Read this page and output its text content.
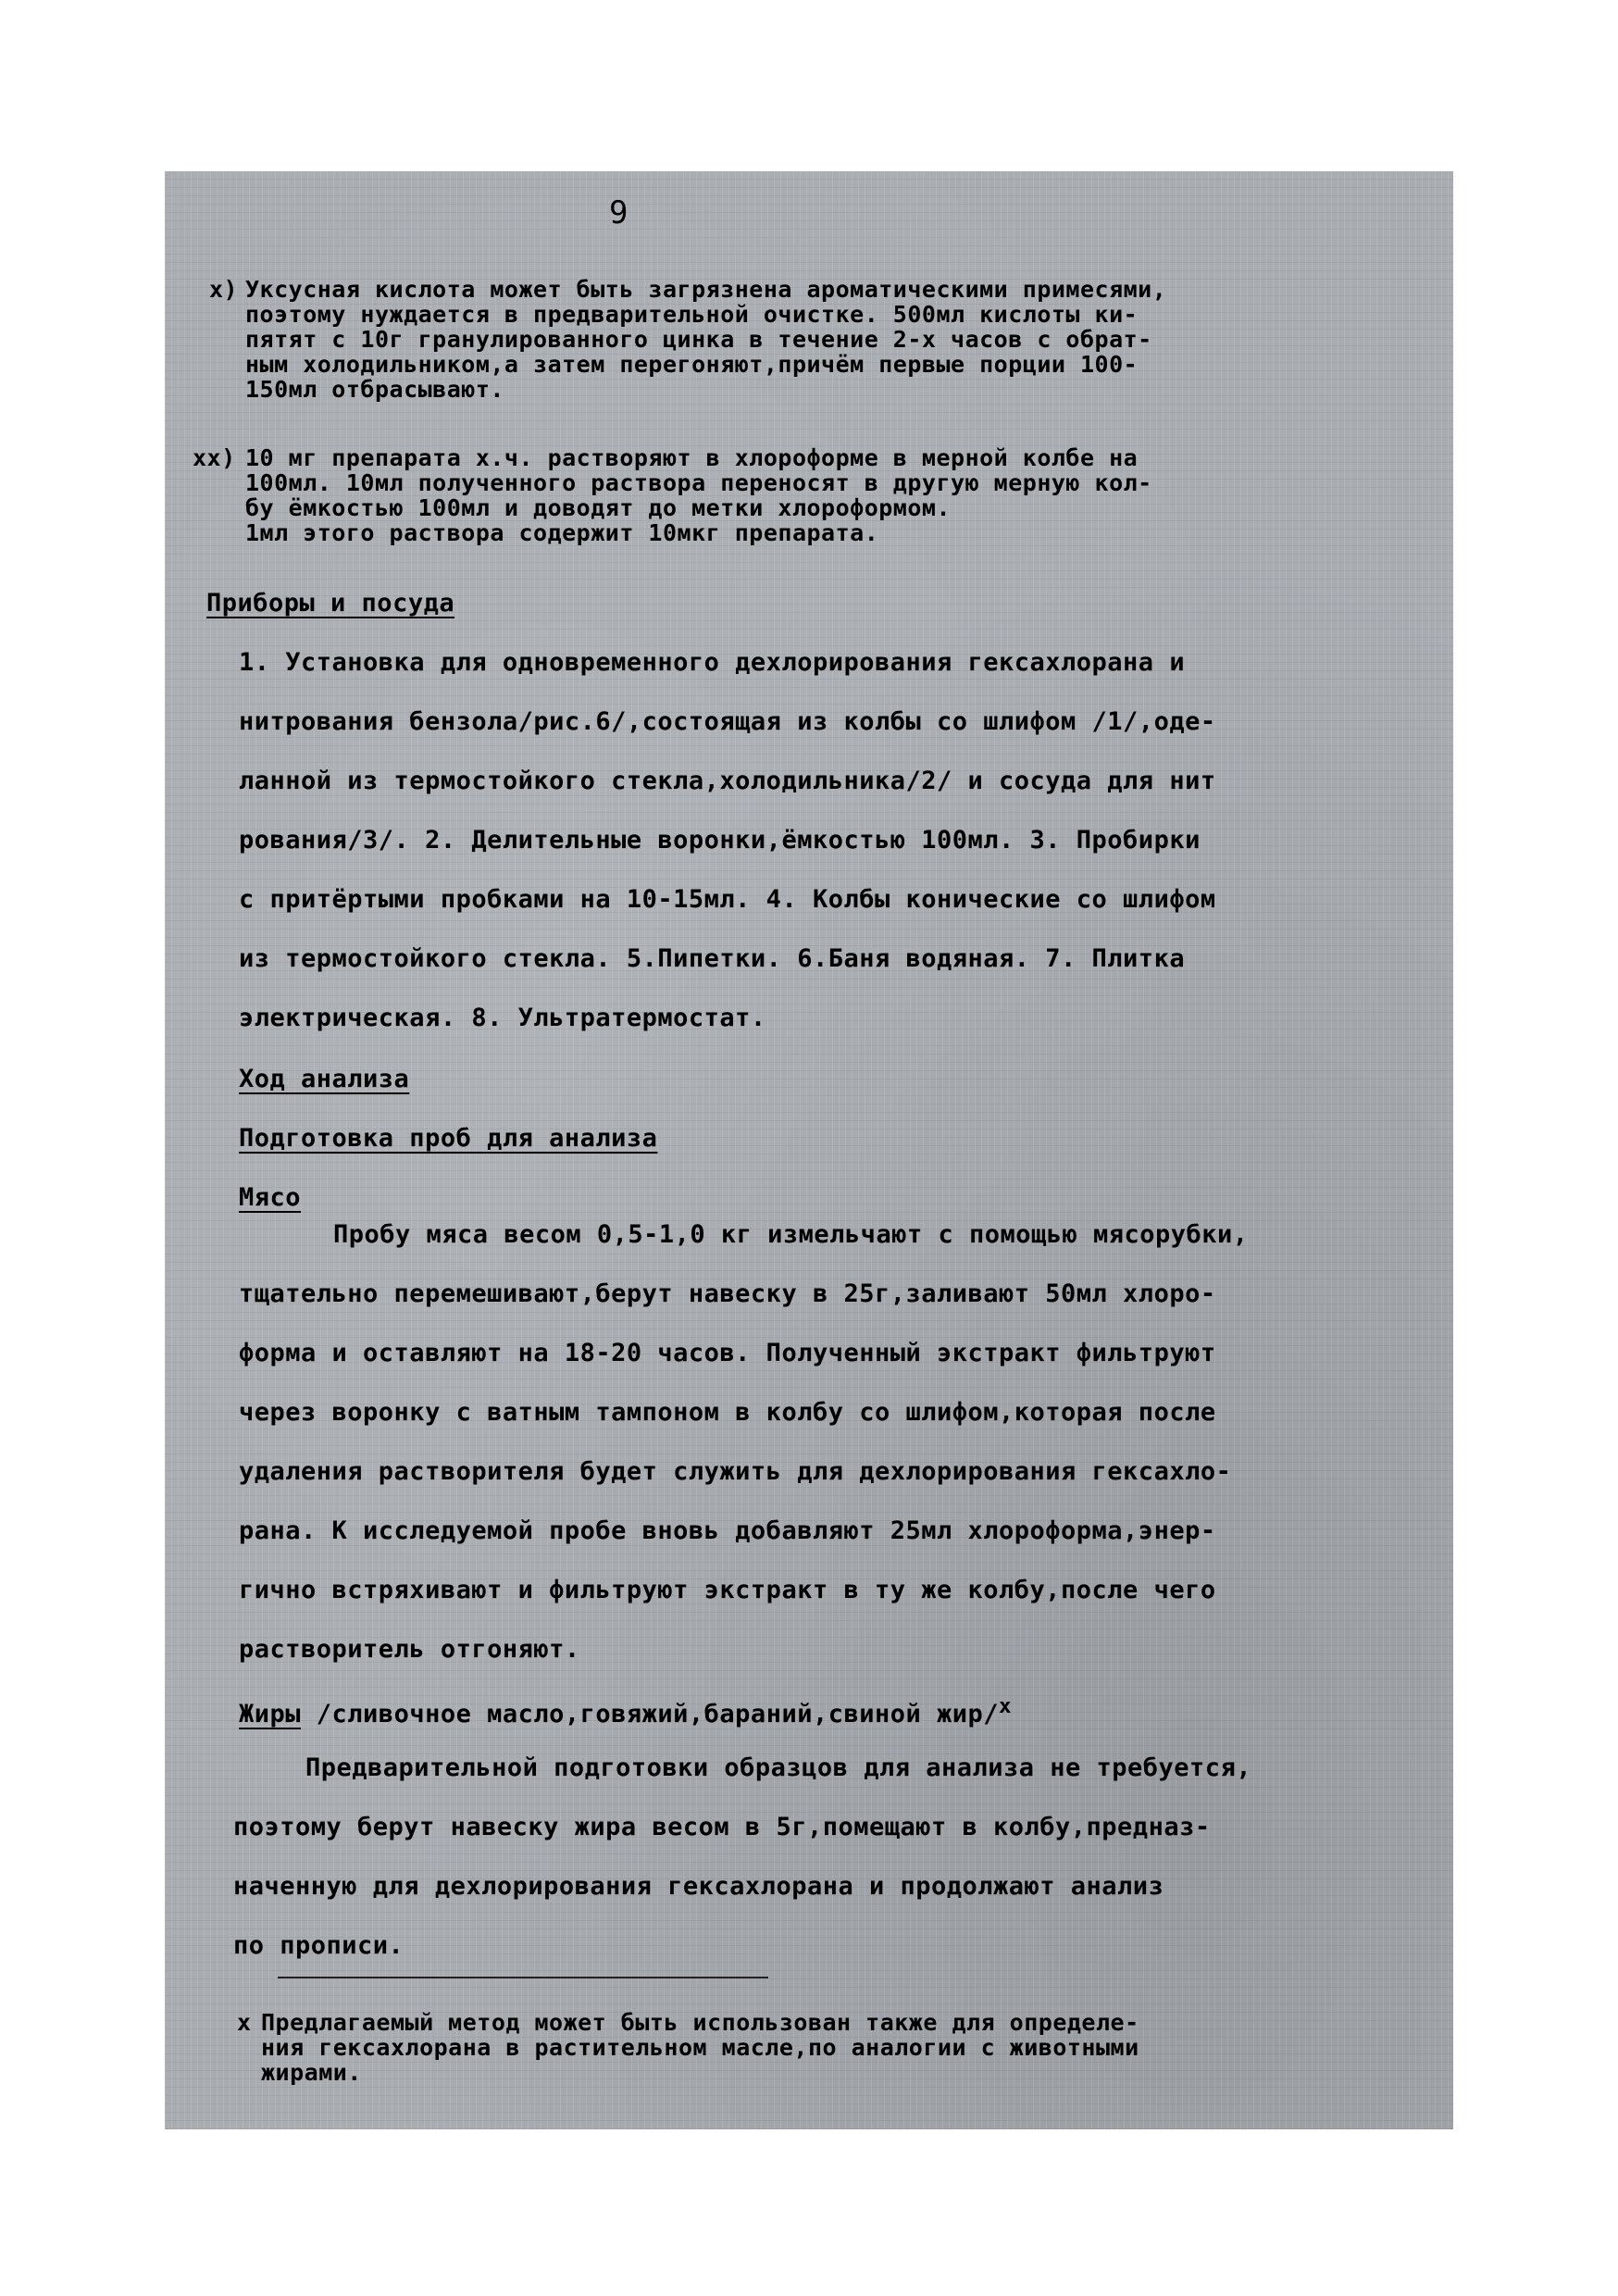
9
x) Уксусная кислота может быть загрязнена ароматическими примесями,
поэтому нуждается в предварительной очистке. 500мл кислоты ки-
пятят с 10г гранулированного цинка в течение 2-х часов с обрат-
ным холодильником,а затем перегоняют,причём первые порции 100-
150мл отбрасывают.
xx) 10 мг препарата х.ч. растворяют в хлороформе в мерной колбе на
100мл. 10мл полученного раствора переносят в другую мерную кол-
бу ёмкостью 100мл и доводят до метки хлороформом.
1мл этого раствора содержит 10мкг препарата.
Приборы и посуда
1. Установка для одновременного дехлорирования гексахлорана и
нитрования бензола/рис.6/,состоящая из колбы со шлифом /1/,оде-
ланной из термостойкого стекла,холодильника/2/ и сосуда для нит
рования/3/. 2. Делительные воронки,ёмкостью 100мл. 3. Пробирки
с притёртыми пробками на 10-15мл. 4. Колбы конические со шлифом
из термостойкого стекла. 5.Пипетки. 6.Баня водяная. 7. Плитка
электрическая. 8. Ультратермостат.
Ход анализа
Подготовка проб для анализа
Мясо
Пробу мяса весом 0,5-1,0 кг измельчают с помощью мясорубки,
тщательно перемешивают,берут навеску в 25г,заливают 50мл хлоро-
форма и оставляют на 18-20 часов. Полученный экстракт фильтруют
через воронку с ватным тампоном в колбу со шлифом,которая после
удаления растворителя будет служить для дехлорирования гексахло-
рана. К исследуемой пробе вновь добавляют 25мл хлороформа,энер-
гично встряхивают и фильтруют экстракт в ту же колбу,после чего
растворитель отгоняют.
Жиры /сливочное масло,говяжий,бараний,свиной жир/$^x$
Предварительной подготовки образцов для анализа не требуется,
поэтому берут навеску жира весом в 5г,помещают в колбу,предназ-
наченную для дехлорирования гексахлорана и продолжают анализ
по прописи.
x Предлагаемый метод может быть использован также для определе-
ния гексахлорана в растительном масле,по аналогии с животными
жирами.
